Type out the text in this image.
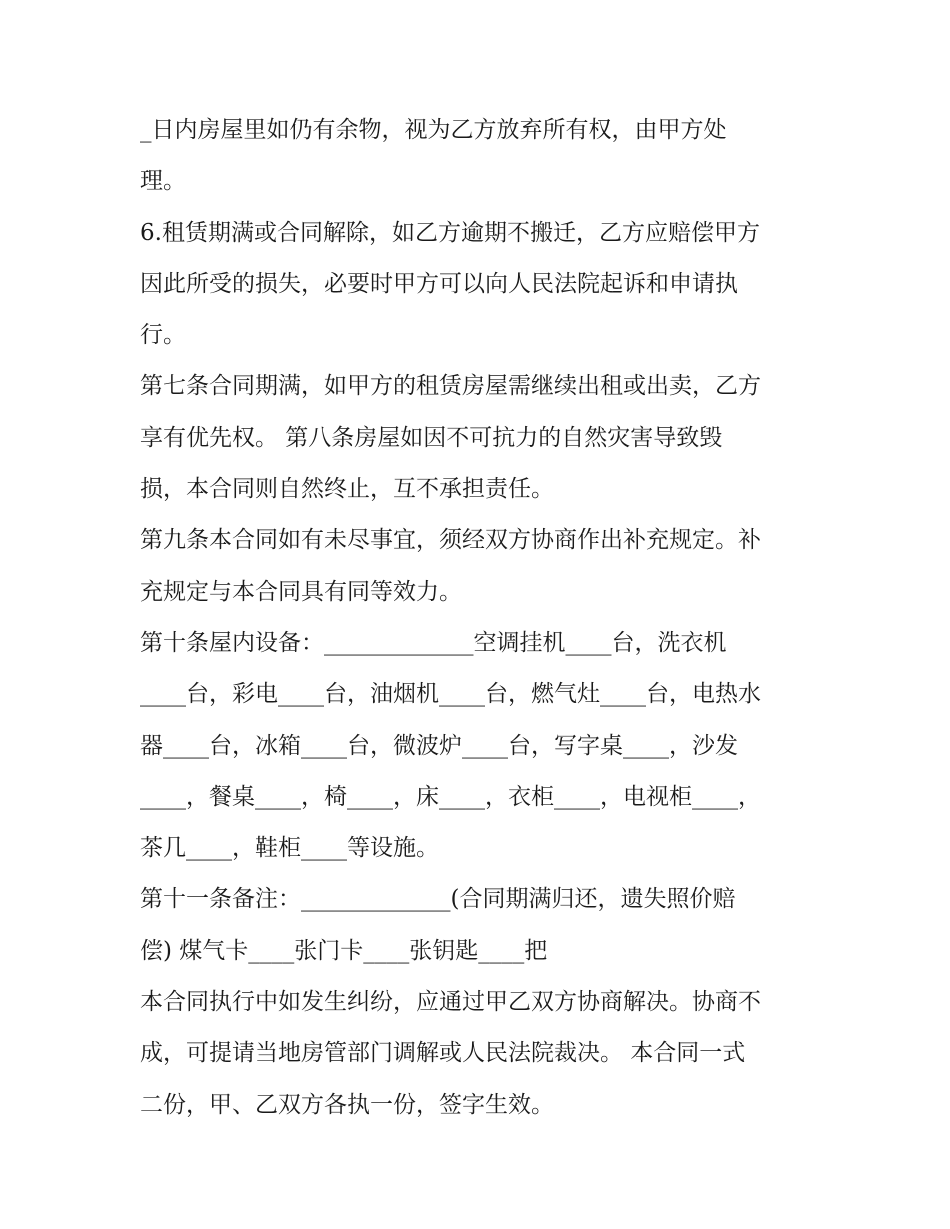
_日内房屋里如仍有余物，视为乙方放弃所有权，由甲方处
理。
6.租赁期满或合同解除，如乙方逾期不搬迁，乙方应赔偿甲方
因此所受的损失，必要时甲方可以向人民法院起诉和申请执
行。
第七条合同期满，如甲方的租赁房屋需继续出租或出卖，乙方
享有优先权。 第八条房屋如因不可抗力的自然灾害导致毁
损，本合同则自然终止，互不承担责任。
第九条本合同如有未尽事宜，须经双方协商作出补充规定。补
充规定与本合同具有同等效力。
第十条屋内设备：_____________空调挂机____台，洗衣机
____台，彩电____台，油烟机____台，燃气灶____台，电热水
器____台，冰箱____台，微波炉____台，写字桌____，沙发
____，餐桌____，椅____，床____，衣柜____，电视柜____，
茶几____，鞋柜____等设施。
第十一条备注：_____________(合同期满归还，遗失照价赔
偿) 煤气卡____张门卡____张钥匙____把
本合同执行中如发生纠纷，应通过甲乙双方协商解决。协商不
成，可提请当地房管部门调解或人民法院裁决。 本合同一式
二份，甲、乙双方各执一份，签字生效。
